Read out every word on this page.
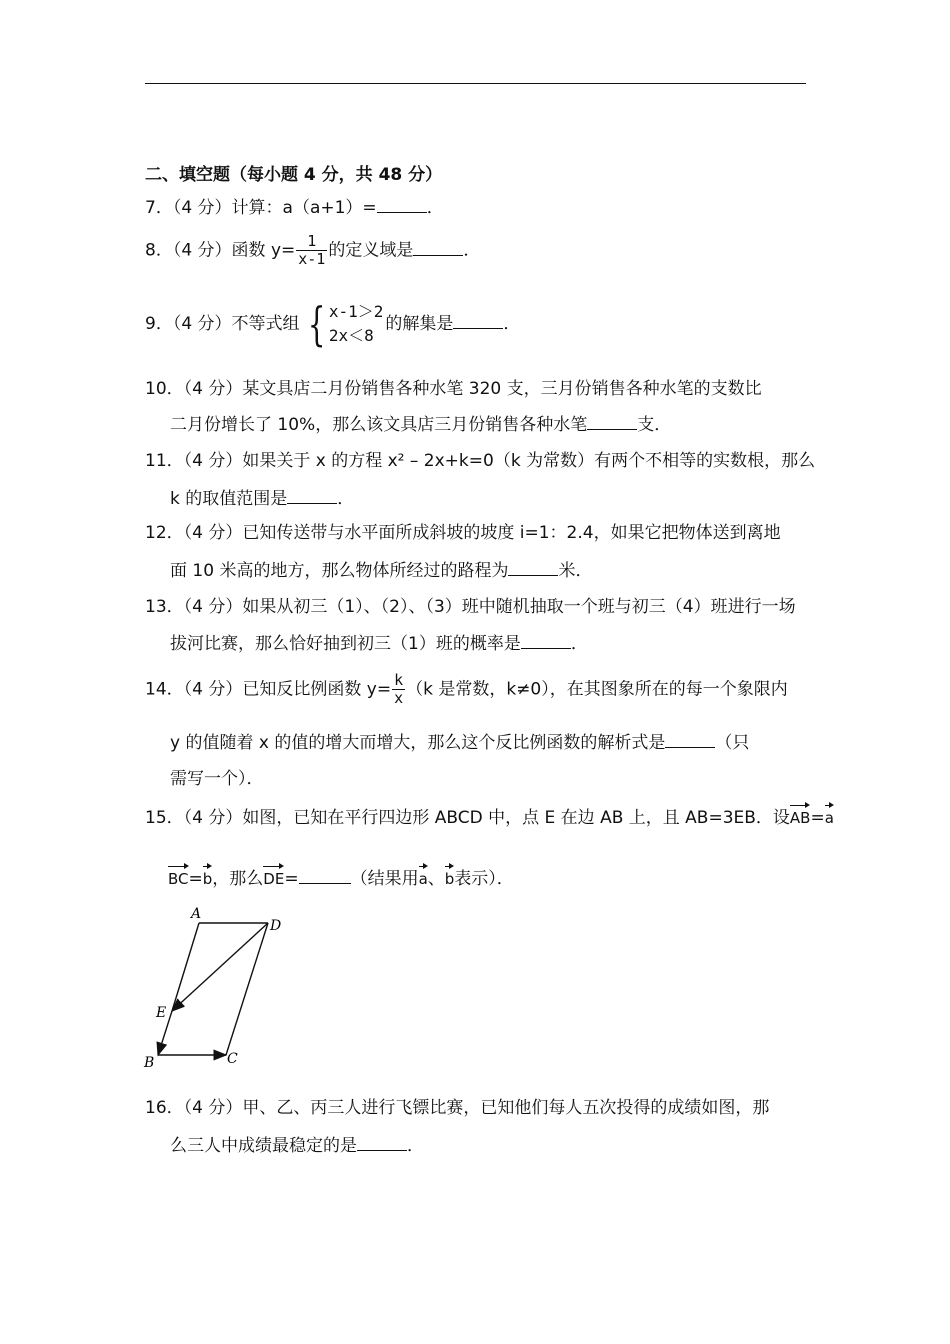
二、填空题（每小题 4 分，共 48 分）
7．（4 分）计算：a（a+1）=	．
8．（4 分）函数 $y= \frac{1}{x-1}$ 的定义域是	．
9．（4 分）不等式组 { x-1＞2
2x＜8
的解集是	．
10．（4 分）某文具店二月份销售各种水笔 320 支，三月份销售各种水笔的支数比
二月份增长了 10%，那么该文具店三月份销售各种水笔	支．
11．（4 分）如果关于 x 的方程 x² – 2x+k=0（k 为常数）有两个不相等的实数根，那么
k 的取值范围是	．
12．（4 分）已知传送带与水平面所成斜坡的坡度 i=1：2.4，如果它把物体送到离地
面 10 米高的地方，那么物体所经过的路程为	米．
13．（4 分）如果从初三（1）、（2）、（3）班中随机抽取一个班与初三（4）班进行一场
拔河比赛，那么恰好抽到初三（1）班的概率是	．
14．（4 分）已知反比例函数 $y= \frac{k}{x} (k$ 是常数，k≠0），在其图象所在的每一个象限内
y 的值随着 x 的值的增大而增大，那么这个反比例函数的解析式是	（只
需写一个）．
15．（4 分）如图，已知在平行四边形 ABCD 中，点 E 在边 AB 上，且 AB=3EB．设AB=a
BC=b，那么DE=	（结果用a、b表示）．
A
D
E
B	C
16．（4 分）甲、乙、丙三人进行飞镖比赛，已知他们每人五次投得的成绩如图，那
么三人中成绩最稳定的是	．
